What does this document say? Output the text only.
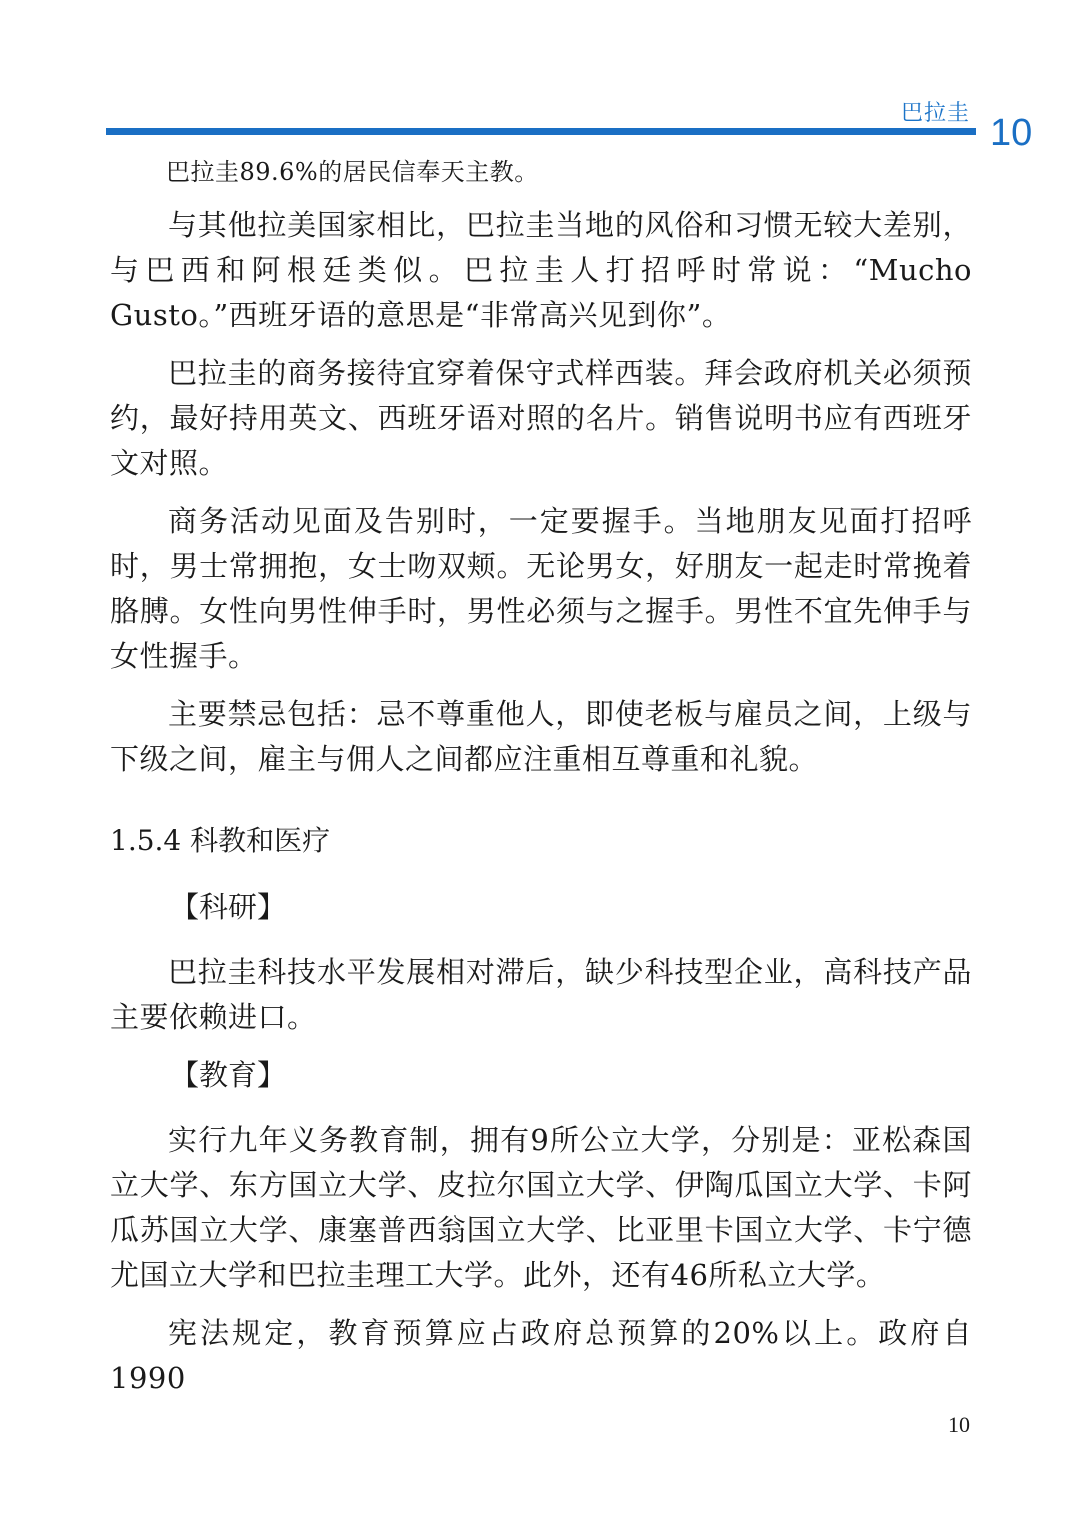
巴拉圭 10

巴拉圭89.6%的居民信奉天主教。

与其他拉美国家相比，巴拉圭当地的风俗和习惯无较大差别，与巴西和阿根廷类似。巴拉圭人打招呼时常说：“Mucho Gusto。”西班牙语的意思是“非常高兴见到你”。

巴拉圭的商务接待宜穿着保守式样西装。拜会政府机关必须预约，最好持用英文、西班牙语对照的名片。销售说明书应有西班牙文对照。

商务活动见面及告别时，一定要握手。当地朋友见面打招呼时，男士常拥抱，女士吻双颊。无论男女，好朋友一起走时常挽着胳膊。女性向男性伸手时，男性必须与之握手。男性不宜先伸手与女性握手。

主要禁忌包括：忌不尊重他人，即使老板与雇员之间，上级与下级之间，雇主与佣人之间都应注重相互尊重和礼貌。

1.5.4 科教和医疗
【科研】

巴拉圭科技水平发展相对滞后，缺少科技型企业，高科技产品主要依赖进口。

【教育】

实行九年义务教育制，拥有9所公立大学，分别是：亚松森国立大学、东方国立大学、皮拉尔国立大学、伊陶瓜国立大学、卡阿瓜苏国立大学、康塞普西翁国立大学、比亚里卡国立大学、卡宁德尤国立大学和巴拉圭理工大学。此外，还有46所私立大学。

宪法规定，教育预算应占政府总预算的20%以上。政府自1990

10
